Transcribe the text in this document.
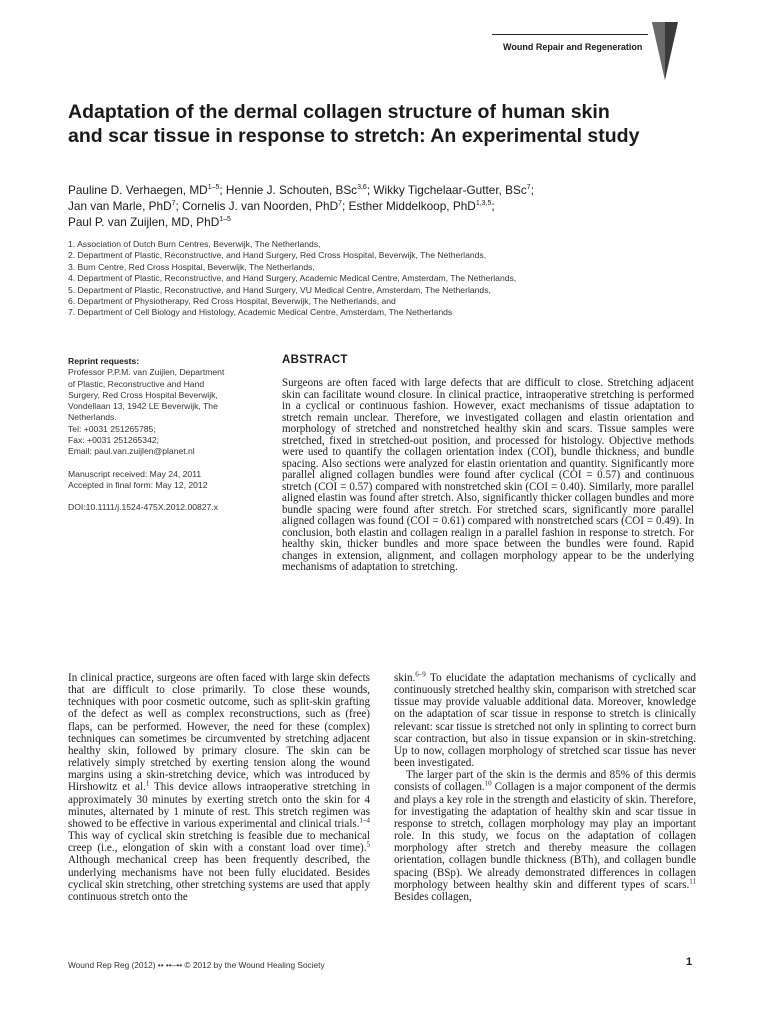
Wound Repair and Regeneration
Adaptation of the dermal collagen structure of human skin and scar tissue in response to stretch: An experimental study
Pauline D. Verhaegen, MD$^{1-5}$; Hennie J. Schouten, BSc$^{3,6}$; Wikky Tigchelaar-Gutter, BSc$^7$;
Jan van Marle, PhD$^7$; Cornelis J. van Noorden, PhD$^7$; Esther Middelkoop, PhD$^{1,3,5}$;
Paul P. van Zuijlen, MD, PhD$^{1-5}$
1. Association of Dutch Burn Centres, Beverwijk, The Netherlands,
2. Department of Plastic, Reconstructive, and Hand Surgery, Red Cross Hospital, Beverwijk, The Netherlands,
3. Burn Centre, Red Cross Hospital, Beverwijk, The Netherlands,
4. Department of Plastic, Reconstructive, and Hand Surgery, Academic Medical Centre, Amsterdam, The Netherlands,
5. Department of Plastic, Reconstructive, and Hand Surgery, VU Medical Centre, Amsterdam, The Netherlands,
6. Department of Physiotherapy, Red Cross Hospital, Beverwijk, The Netherlands, and
7. Department of Cell Biology and Histology, Academic Medical Centre, Amsterdam, The Netherlands
Reprint requests:
Professor P.P.M. van Zuijlen, Department
of Plastic, Reconstructive and Hand
Surgery, Red Cross Hospital Beverwijk,
Vondellaan 13, 1942 LE Beverwijk, The
Netherlands.
Tel: +0031 251265785;
Fax: +0031 251265342;
Email: paul.van.zuijlen@planet.nl
Manuscript received: May 24, 2011
Accepted in final form: May 12, 2012
DOI:10.1111/j.1524-475X.2012.00827.x
ABSTRACT

Surgeons are often faced with large defects that are difficult to close. Stretching adjacent skin can facilitate wound closure. In clinical practice, intraoperative stretching is performed in a cyclical or continuous fashion. However, exact mechanisms of tissue adaptation to stretch remain unclear. Therefore, we investigated collagen and elastin orientation and morphology of stretched and nonstretched healthy skin and scars. Tissue samples were stretched, fixed in stretched-out position, and processed for histology. Objective methods were used to quantify the collagen orientation index (COI), bundle thickness, and bundle spacing. Also sections were analyzed for elastin orientation and quantity. Significantly more parallel aligned collagen bundles were found after cyclical (COI = 0.57) and continuous stretch (COI = 0.57) compared with nonstretched skin (COI = 0.40). Similarly, more parallel aligned elastin was found after stretch. Also, significantly thicker collagen bundles and more bundle spacing were found after stretch. For stretched scars, significantly more parallel aligned collagen was found (COI = 0.61) compared with nonstretched scars (COI = 0.49). In conclusion, both elastin and collagen realign in a parallel fashion in response to stretch. For healthy skin, thicker bundles and more space between the bundles were found. Rapid changes in extension, alignment, and collagen morphology appear to be the underlying mechanisms of adaptation to stretching.

In clinical practice, surgeons are often faced with large skin defects that are difficult to close primarily. To close these wounds, techniques with poor cosmetic outcome, such as split-skin grafting of the defect as well as complex reconstructions, such as (free) flaps, can be performed. However, the need for these (complex) techniques can sometimes be circumvented by stretching adjacent healthy skin, followed by primary closure. The skin can be relatively simply stretched by exerting tension along the wound margins using a skin-stretching device, which was introduced by Hirshowitz et al.$^1$ This device allows intraoperative stretching in approximately 30 minutes by exerting stretch onto the skin for 4 minutes, alternated by 1 minute of rest. This stretch regimen was showed to be effective in various experimental and clinical trials.$^{1-4}$ This way of cyclical skin stretching is feasible due to mechanical creep (i.e., elongation of skin with a constant load over time).$^5$ Although mechanical creep has been frequently described, the underlying mechanisms have not been fully elucidated. Besides cyclical skin stretching, other stretching systems are used that apply continuous stretch onto the

skin.$^{6-9}$ To elucidate the adaptation mechanisms of cyclically and continuously stretched healthy skin, comparison with stretched scar tissue may provide valuable additional data. Moreover, knowledge on the adaptation of scar tissue in response to stretch is clinically relevant: scar tissue is stretched not only in splinting to correct burn scar contraction, but also in tissue expansion or in skin-stretching. Up to now, collagen morphology of stretched scar tissue has never been investigated.

The larger part of the skin is the dermis and 85% of this dermis consists of collagen.$^{10}$ Collagen is a major component of the dermis and plays a key role in the strength and elasticity of skin. Therefore, for investigating the adaptation of healthy skin and scar tissue in response to stretch, collagen morphology may play an important role. In this study, we focus on the adaptation of collagen morphology after stretch and thereby measure the collagen orientation, collagen bundle thickness (BTh), and collagen bundle spacing (BSp). We already demonstrated differences in collagen morphology between healthy skin and different types of scars.$^{11}$ Besides collagen,

Wound Rep Reg (2012) •• ••–•• © 2012 by the Wound Healing Society	1
